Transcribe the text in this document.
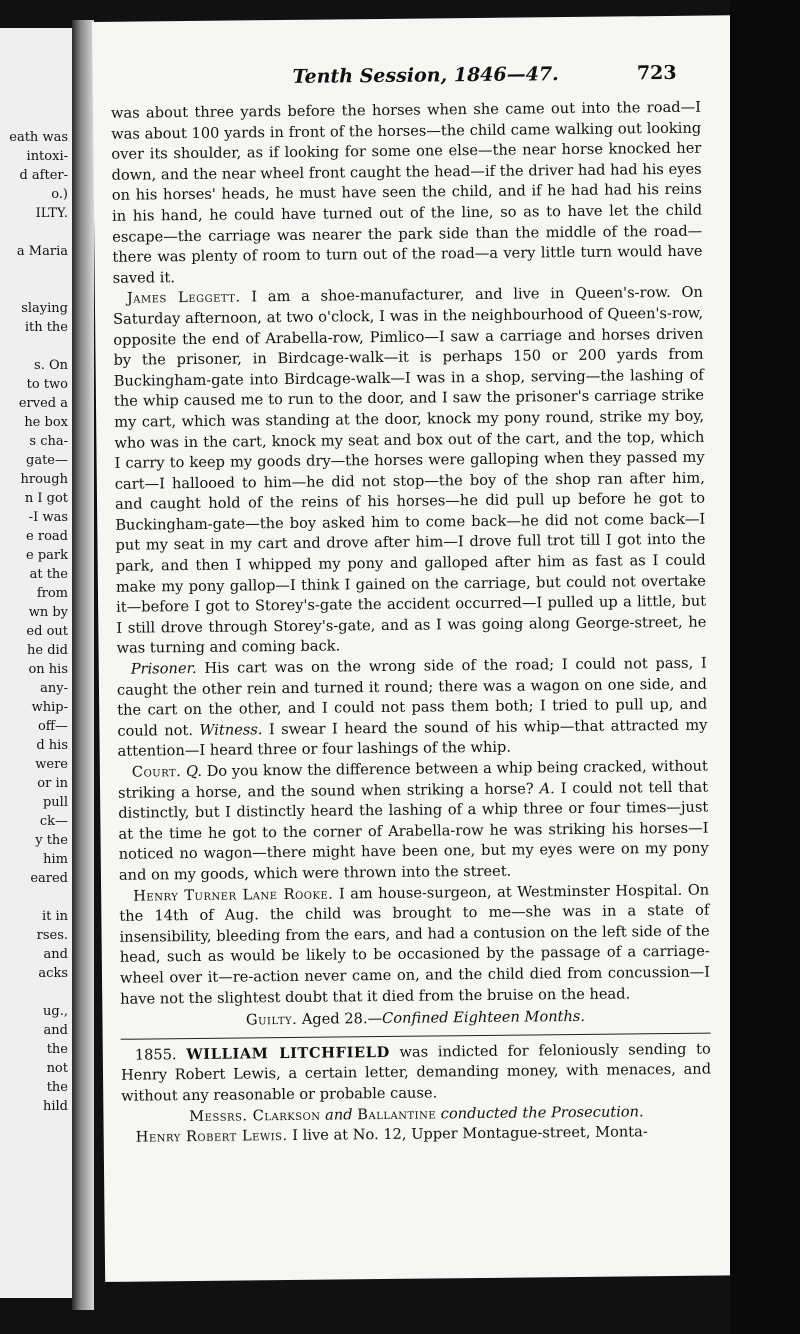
eath was
intoxi-
d after-
o.)
ILTY.
a Maria
slaying
ith the
s. On
to two
erved a
he box
s cha-
gate—
hrough
n I got
-I was
e road
e park
at the
from
wn by
ed out
he did
on his
any-
whip-
off—
d his
were
or in
pull
ck—
y the
him
eared
it in
rses.
and
acks
ug.,
and
the
not
the
hild
Tenth Session, 1846—47.	723

was about three yards before the horses when she came out into the road—I was about 100 yards in front of the horses—the child came walking out looking over its shoulder, as if looking for some one else—the near horse knocked her down, and the near wheel front caught the head—if the driver had had his eyes on his horses' heads, he must have seen the child, and if he had had his reins in his hand, he could have turned out of the line, so as to have let the child escape—the carriage was nearer the park side than the middle of the road—there was plenty of room to turn out of the road—a very little turn would have saved it.

James Leggett. I am a shoe-manufacturer, and live in Queen's-row. On Saturday afternoon, at two o'clock, I was in the neighbourhood of Queen's-row, opposite the end of Arabella-row, Pimlico—I saw a carriage and horses driven by the prisoner, in Birdcage-walk—it is perhaps 150 or 200 yards from Buckingham-gate into Birdcage-walk—I was in a shop, serving—the lashing of the whip caused me to run to the door, and I saw the prisoner's carriage strike my cart, which was standing at the door, knock my pony round, strike my boy, who was in the cart, knock my seat and box out of the cart, and the top, which I carry to keep my goods dry—the horses were galloping when they passed my cart—I hallooed to him—he did not stop—the boy of the shop ran after him, and caught hold of the reins of his horses—he did pull up before he got to Buckingham-gate—the boy asked him to come back—he did not come back—I put my seat in my cart and drove after him—I drove full trot till I got into the park, and then I whipped my pony and galloped after him as fast as I could make my pony gallop—I think I gained on the carriage, but could not overtake it—before I got to Storey's-gate the accident occurred—I pulled up a little, but I still drove through Storey's-gate, and as I was going along George-street, he was turning and coming back.

Prisoner. His cart was on the wrong side of the road; I could not pass, I caught the other rein and turned it round; there was a wagon on one side, and the cart on the other, and I could not pass them both; I tried to pull up, and could not. Witness. I swear I heard the sound of his whip—that attracted my attention—I heard three or four lashings of the whip.

Court. Q. Do you know the difference between a whip being cracked, without striking a horse, and the sound when striking a horse? A. I could not tell that distinctly, but I distinctly heard the lashing of a whip three or four times—just at the time he got to the corner of Arabella-row he was striking his horses—I noticed no wagon—there might have been one, but my eyes were on my pony and on my goods, which were thrown into the street.

Henry Turner Lane Rooke. I am house-surgeon, at Westminster Hospital. On the 14th of Aug. the child was brought to me—she was in a state of insensibility, bleeding from the ears, and had a contusion on the left side of the head, such as would be likely to be occasioned by the passage of a carriage-wheel over it—re-action never came on, and the child died from concussion—I have not the slightest doubt that it died from the bruise on the head.

Guilty. Aged 28.—Confined Eighteen Months.

1855. WILLIAM LITCHFIELD was indicted for feloniously sending to Henry Robert Lewis, a certain letter, demanding money, with menaces, and without any reasonable or probable cause.

Messrs. Clarkson and Ballantine conducted the Prosecution.

Henry Robert Lewis. I live at No. 12, Upper Montague-street, Monta-
